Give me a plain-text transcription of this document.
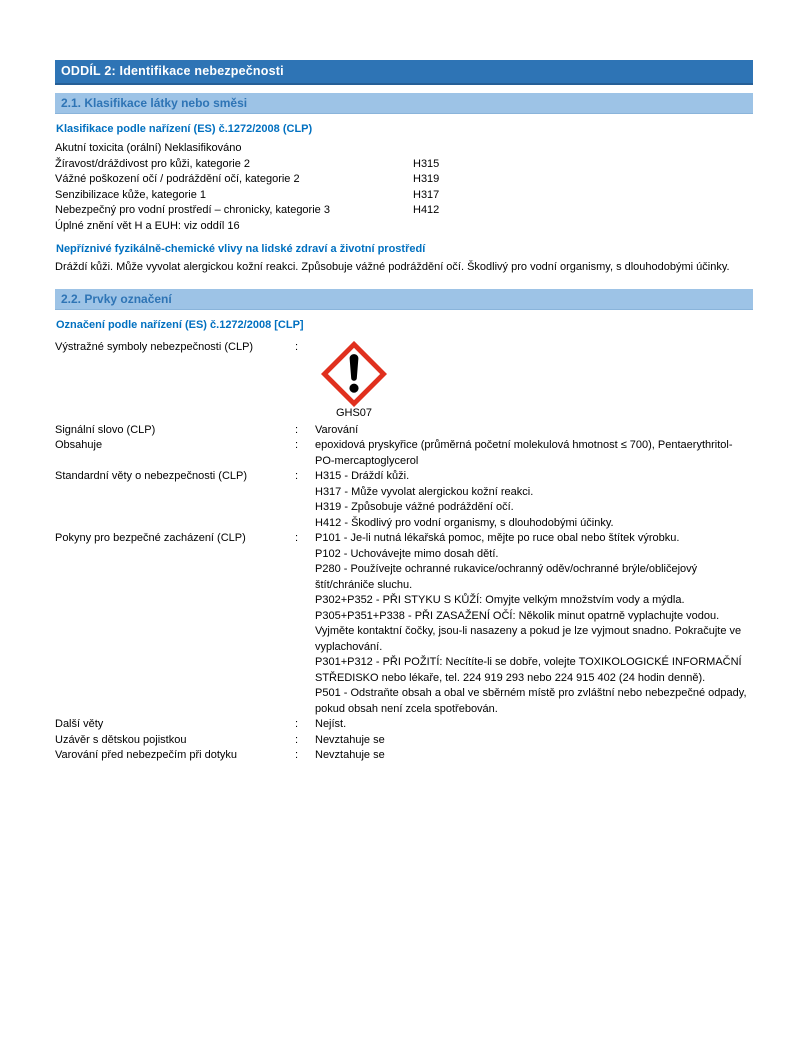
ODDÍL 2: Identifikace nebezpečnosti
2.1. Klasifikace látky nebo směsi
Klasifikace podle nařízení (ES) č.1272/2008 (CLP)
Akutní toxicita (orální) Neklasifikováno
Žíravost/dráždivost pro kůži, kategorie 2	H315
Vážné poškození očí / podráždění očí, kategorie 2	H319
Senzibilizace kůže, kategorie 1	H317
Nebezpečný pro vodní prostředí – chronicky, kategorie 3	H412
Úplné znění vět H a EUH: viz oddíl 16
Nepříznivé fyzikálně-chemické vlivy na lidské zdraví a životní prostředí
Dráždí kůži. Může vyvolat alergickou kožní reakci. Způsobuje vážné podráždění očí. Škodlivý pro vodní organismy, s dlouhodobými účinky.
2.2. Prvky označení
Označení podle nařízení (ES) č.1272/2008 [CLP]
Výstražné symboly nebezpečnosti (CLP)	:
GHS07
Signální slovo (CLP)	:	Varování
Obsahuje	:	epoxidová pryskyřice (průměrná početní molekulová hmotnost ≤ 700), Pentaerythritol-PO-mercaptoglycerol
Standardní věty o nebezpečnosti (CLP)	:	H315 - Dráždí kůži.
H317 - Může vyvolat alergickou kožní reakci.
H319 - Způsobuje vážné podráždění očí.
H412 - Škodlivý pro vodní organismy, s dlouhodobými účinky.
Pokyny pro bezpečné zacházení (CLP)	:	P101 - Je-li nutná lékařská pomoc, mějte po ruce obal nebo štítek výrobku.
P102 - Uchovávejte mimo dosah dětí.
P280 - Používejte ochranné rukavice/ochranný oděv/ochranné brýle/obličejový štít/chrániče sluchu.
P302+P352 - PŘI STYKU S KŮŽÍ: Omyjte velkým množstvím vody a mýdla.
P305+P351+P338 - PŘI ZASAŽENÍ OČÍ: Několik minut opatrně vyplachujte vodou. Vyjměte kontaktní čočky, jsou-li nasazeny a pokud je lze vyjmout snadno. Pokračujte ve vyplachování.
P301+P312 - PŘI POŽITÍ: Necítíte-li se dobře, volejte TOXIKOLOGICKÉ INFORMAČNÍ STŘEDISKO nebo lékaře, tel. 224 919 293 nebo 224 915 402 (24 hodin denně).
P501 - Odstraňte obsah a obal ve sběrném místě pro zvláštní nebo nebezpečné odpady, pokud obsah není zcela spotřebován.
Další věty	:	Nejíst.
Uzávěr s dětskou pojistkou	:	Nevztahuje se
Varování před nebezpečím při dotyku	:	Nevztahuje se
